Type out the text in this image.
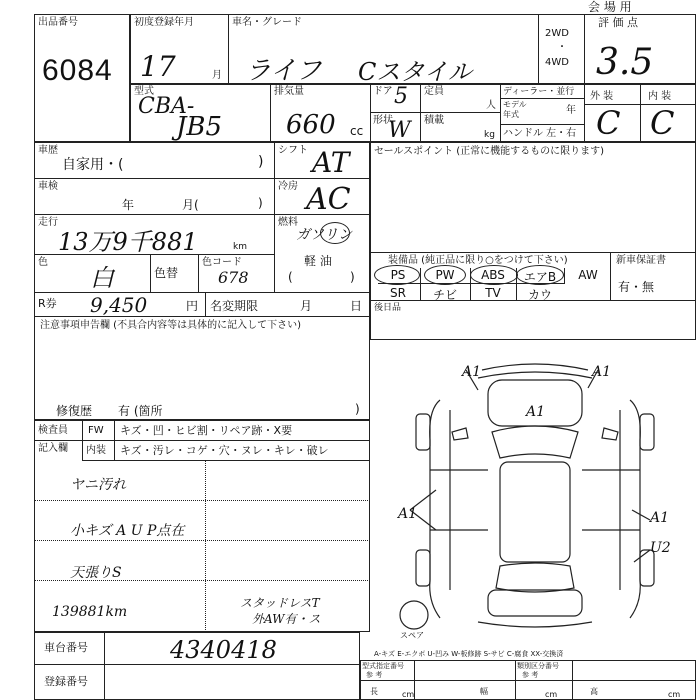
会 場 用
出品番号
6084
初度登録年月
17	月
車名・グレード
ライフ Cスタイル
2WD
・
4WD
評 価 点
3.5
型式
CBA-
JB5
排気量
660 cc
ドア 5 定員
人
形状
W 積載
kg
ディーラー・並行
モデル
年式	年
ハンドル 左・右
外 装	内 装
C C
車歴
自家用・(	)
シフト AT
車検
年	月(	)
冷房 AC
走行
13万9千881	km
燃料
ガソリン
軽 油
(	)
色
白	色替
色コード
678
R券 9,450	円 名変期限	月	日
注意事項申告欄 (不具合内容等は具体的に記入して下さい)
修復歴 有 (箇所	)
セールスポイント (正常に機能するものに限ります)
装備品 (純正品に限り○をつけて下さい)	新車保証書
有・無
PS	PW	ABS	エアB	AW
SR	チビ	TV	カウ
後日品
検査員
記入欄
FW キズ・凹・ヒビ割・リペア跡・X要
内装 キズ・汚レ・コゲ・穴・ヌレ・キレ・破レ
ヤニ汚れ
小キズ A U P点在
天張りS
139881km
スタッドレスT
外AW有・ス
A1	A1
A1
A1	A1
U2
スペア
A-キズ E-エクボ U-凹み W-板修跡 S-サビ C-腐食 XX-交換済
車台番号	4340418
登録番号
型式指定番号
参 考
類別区分番号
参 考
長	cm	幅	cm	高	cm
